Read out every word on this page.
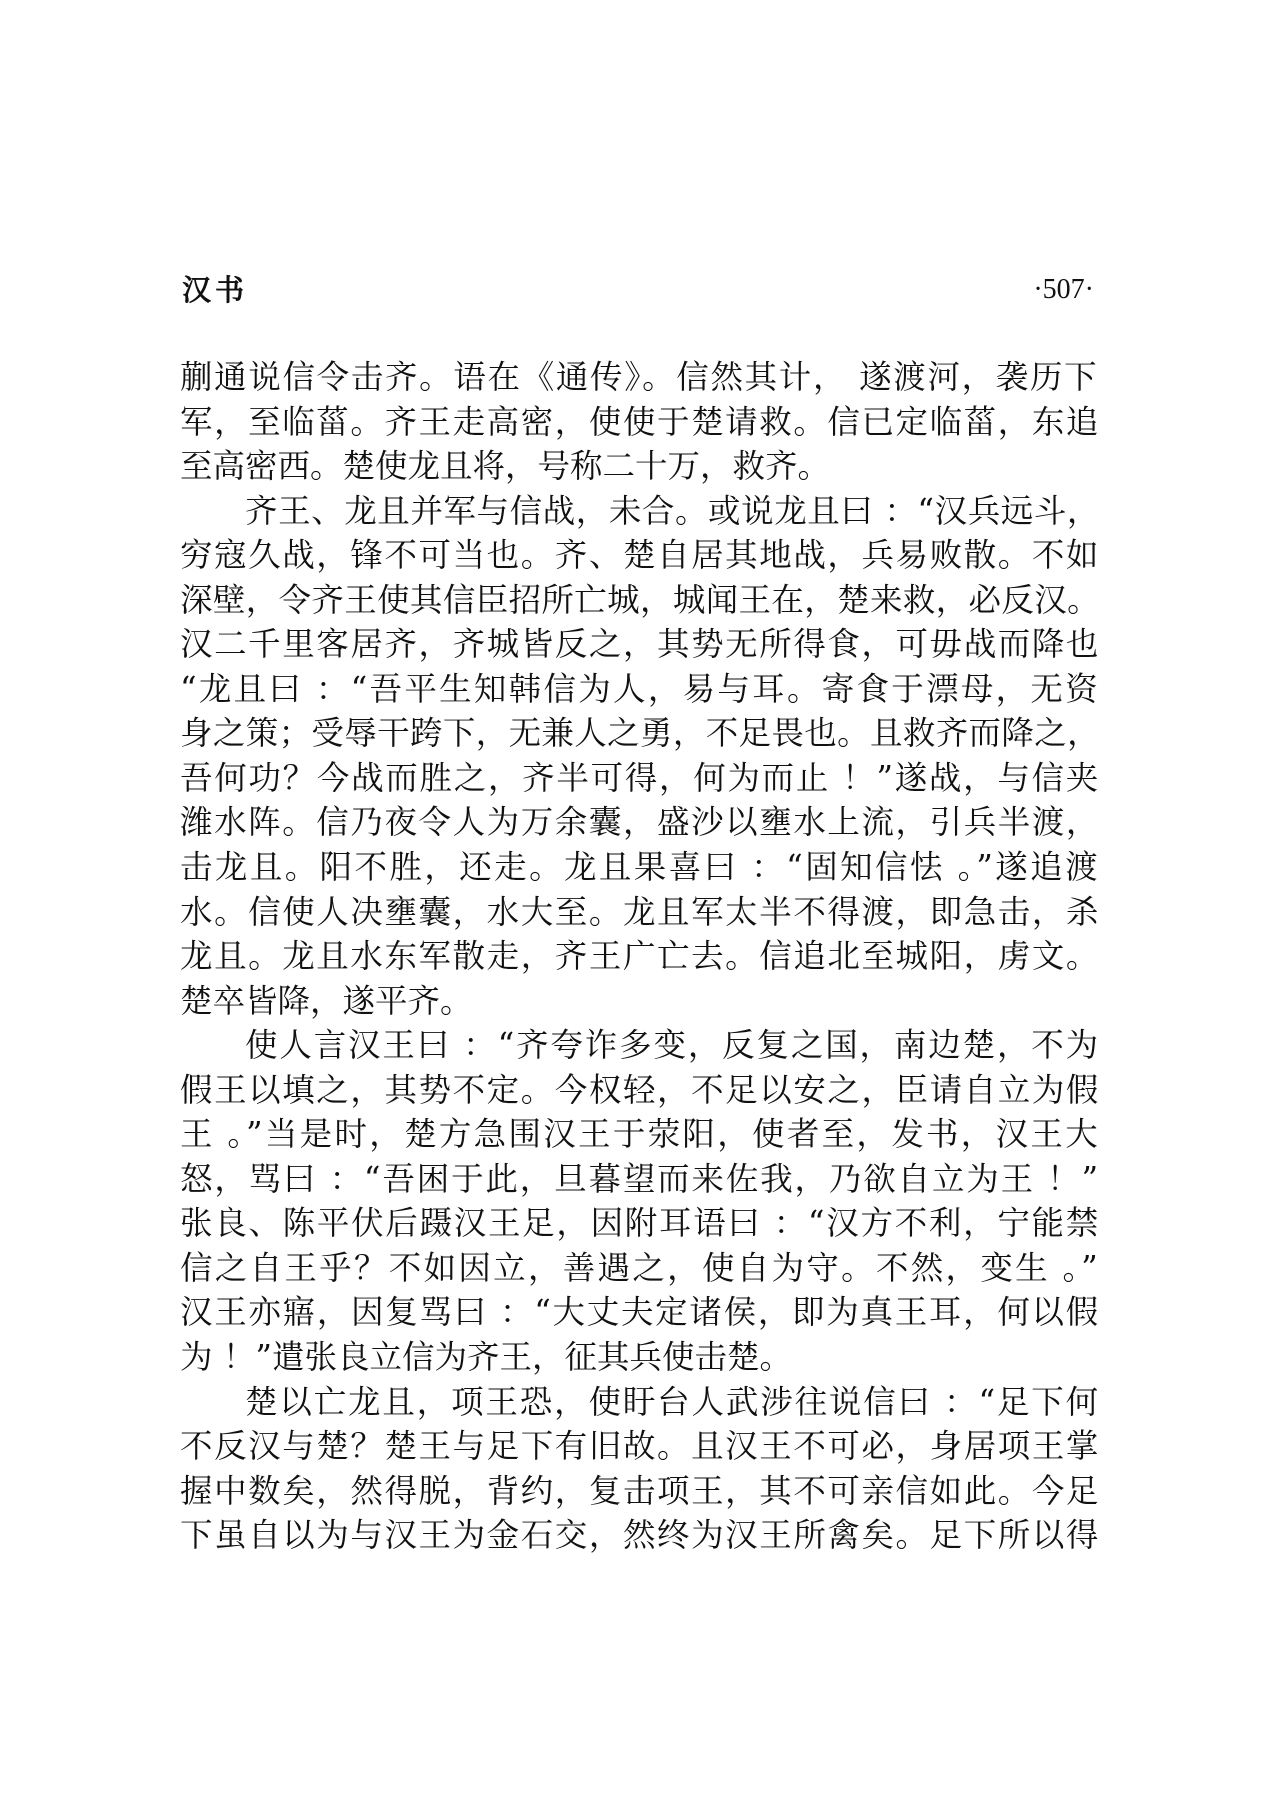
汉书	·507·
蒯通说信令击齐。语在《通传》。信然其计， 遂渡河，袭历下
军，至临菑。齐王走高密，使使于楚请救。信已定临菑，东追
至高密西。楚使龙且将，号称二十万，救齐。
齐王、龙且并军与信战，未合。或说龙且曰 ：“汉兵远斗，
穷寇久战，锋不可当也。齐、楚自居其地战，兵易败散。不如
深壁，令齐王使其信臣招所亡城，城闻王在，楚来救，必反汉。
汉二千里客居齐，齐城皆反之，其势无所得食，可毋战而降也
“龙且曰 ：“吾平生知韩信为人，易与耳。寄食于漂母，无资
身之策；受辱干跨下，无兼人之勇，不足畏也。且救齐而降之，
吾何功？今战而胜之，齐半可得，何为而止 ！”遂战，与信夹
潍水阵。信乃夜令人为万余囊，盛沙以壅水上流，引兵半渡，
击龙且。阳不胜，还走。龙且果喜曰 ：“固知信怯 。”遂追渡
水。信使人决壅囊，水大至。龙且军太半不得渡，即急击，杀
龙且。龙且水东军散走，齐王广亡去。信追北至城阳，虏文。
楚卒皆降，遂平齐。
使人言汉王曰 ：“齐夸诈多变，反复之国，南边楚，不为
假王以填之，其势不定。今权轻，不足以安之，臣请自立为假
王 。”当是时，楚方急围汉王于荥阳，使者至，发书，汉王大
怒，骂曰 ：“吾困于此，旦暮望而来佐我，乃欲自立为王 ！”
张良、陈平伏后蹑汉王足，因附耳语曰 ：“汉方不利，宁能禁
信之自王乎？不如因立，善遇之，使自为守。不然，变生 。”
汉王亦寤，因复骂曰 ：“大丈夫定诸侯，即为真王耳，何以假
为 ！”遣张良立信为齐王，征其兵使击楚。
楚以亡龙且，项王恐，使盱台人武涉往说信曰 ：“足下何
不反汉与楚？楚王与足下有旧故。且汉王不可必，身居项王掌
握中数矣，然得脱，背约，复击项王，其不可亲信如此。今足
下虽自以为与汉王为金石交，然终为汉王所禽矣。足下所以得
